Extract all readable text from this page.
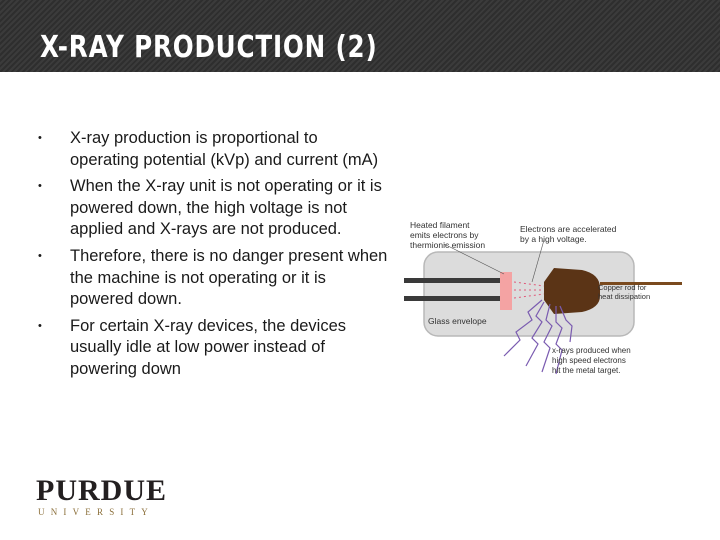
X-RAY PRODUCTION (2)
• X-ray production is proportional to operating potential (kVp) and current (mA)
• When the X-ray unit is not operating or it is powered down, the high voltage is not applied and X-rays are not produced.
• Therefore, there is no danger present when the machine is not operating or it is powered down.
• For certain X-ray devices, the devices usually idle at low power instead of powering down
Heated filament
emits electrons by
thermionic emission
Electrons are accelerated
by a high voltage.
Copper rod for
heat dissipation
Glass envelope
x-rays produced when
high speed electrons
hit the metal target.
PURDUE
UNIVERSITY
